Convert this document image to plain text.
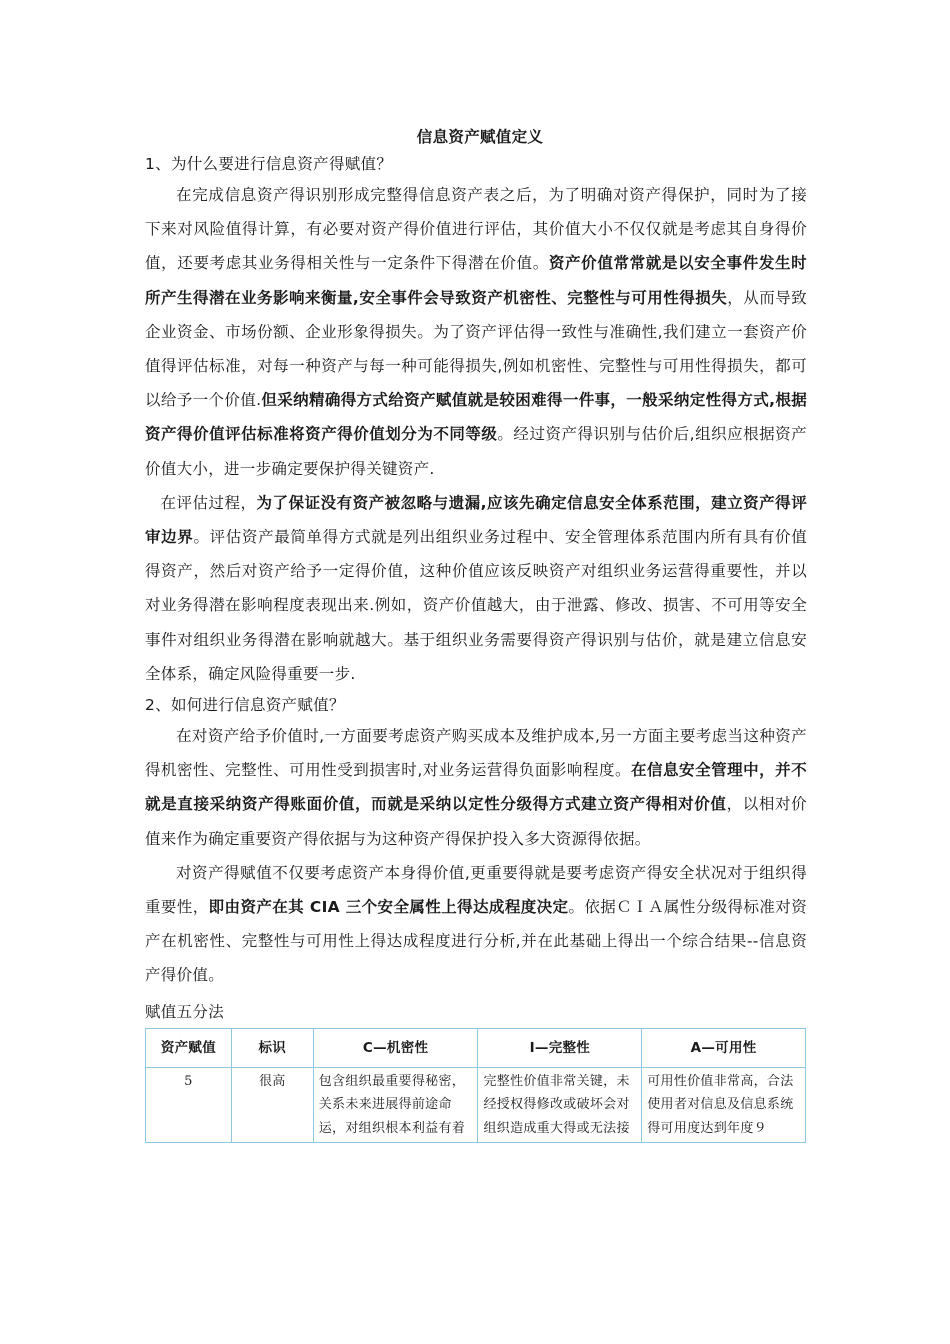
信息资产赋值定义
1、为什么要进行信息资产得赋值？

在完成信息资产得识别形成完整得信息资产表之后，为了明确对资产得保护，同时为了接下来对风险值得计算，有必要对资产得价值进行评估，其价值大小不仅仅就是考虑其自身得价值，还要考虑其业务得相关性与一定条件下得潜在价值。资产价值常常就是以安全事件发生时所产生得潜在业务影响来衡量,安全事件会导致资产机密性、完整性与可用性得损失，从而导致企业资金、市场份额、企业形象得损失。为了资产评估得一致性与准确性,我们建立一套资产价值得评估标准，对每一种资产与每一种可能得损失,例如机密性、完整性与可用性得损失，都可以给予一个价值.但采纳精确得方式给资产赋值就是较困难得一件事，一般采纳定性得方式,根据资产得价值评估标准将资产得价值划分为不同等级。经过资产得识别与估价后,组织应根据资产价值大小，进一步确定要保护得关键资产.

在评估过程，为了保证没有资产被忽略与遗漏,应该先确定信息安全体系范围，建立资产得评审边界。评估资产最简单得方式就是列出组织业务过程中、安全管理体系范围内所有具有价值得资产，然后对资产给予一定得价值，这种价值应该反映资产对组织业务运营得重要性，并以对业务得潜在影响程度表现出来.例如，资产价值越大，由于泄露、修改、损害、不可用等安全事件对组织业务得潜在影响就越大。基于组织业务需要得资产得识别与估价，就是建立信息安全体系，确定风险得重要一步.

2、如何进行信息资产赋值？

在对资产给予价值时,一方面要考虑资产购买成本及维护成本,另一方面主要考虑当这种资产得机密性、完整性、可用性受到损害时,对业务运营得负面影响程度。在信息安全管理中，并不就是直接采纳资产得账面价值，而就是采纳以定性分级得方式建立资产得相对价值，以相对价值来作为确定重要资产得依据与为这种资产得保护投入多大资源得依据。

对资产得赋值不仅要考虑资产本身得价值,更重要得就是要考虑资产得安全状况对于组织得重要性，即由资产在其 CIA 三个安全属性上得达成程度决定。依据ＣＩＡ属性分级得标准对资产在机密性、完整性与可用性上得达成程度进行分析,并在此基础上得出一个综合结果--信息资产得价值。

赋值五分法
资产赋值	标识	C—机密性	I—完整性	A—可用性
5	很高	包含组织最重要得秘密，关系未来进展得前途命运，对组织根本利益有着	完整性价值非常关键，未经授权得修改或破坏会对组织造成重大得或无法接	可用性价值非常高，合法使用者对信息及信息系统得可用度达到年度９
